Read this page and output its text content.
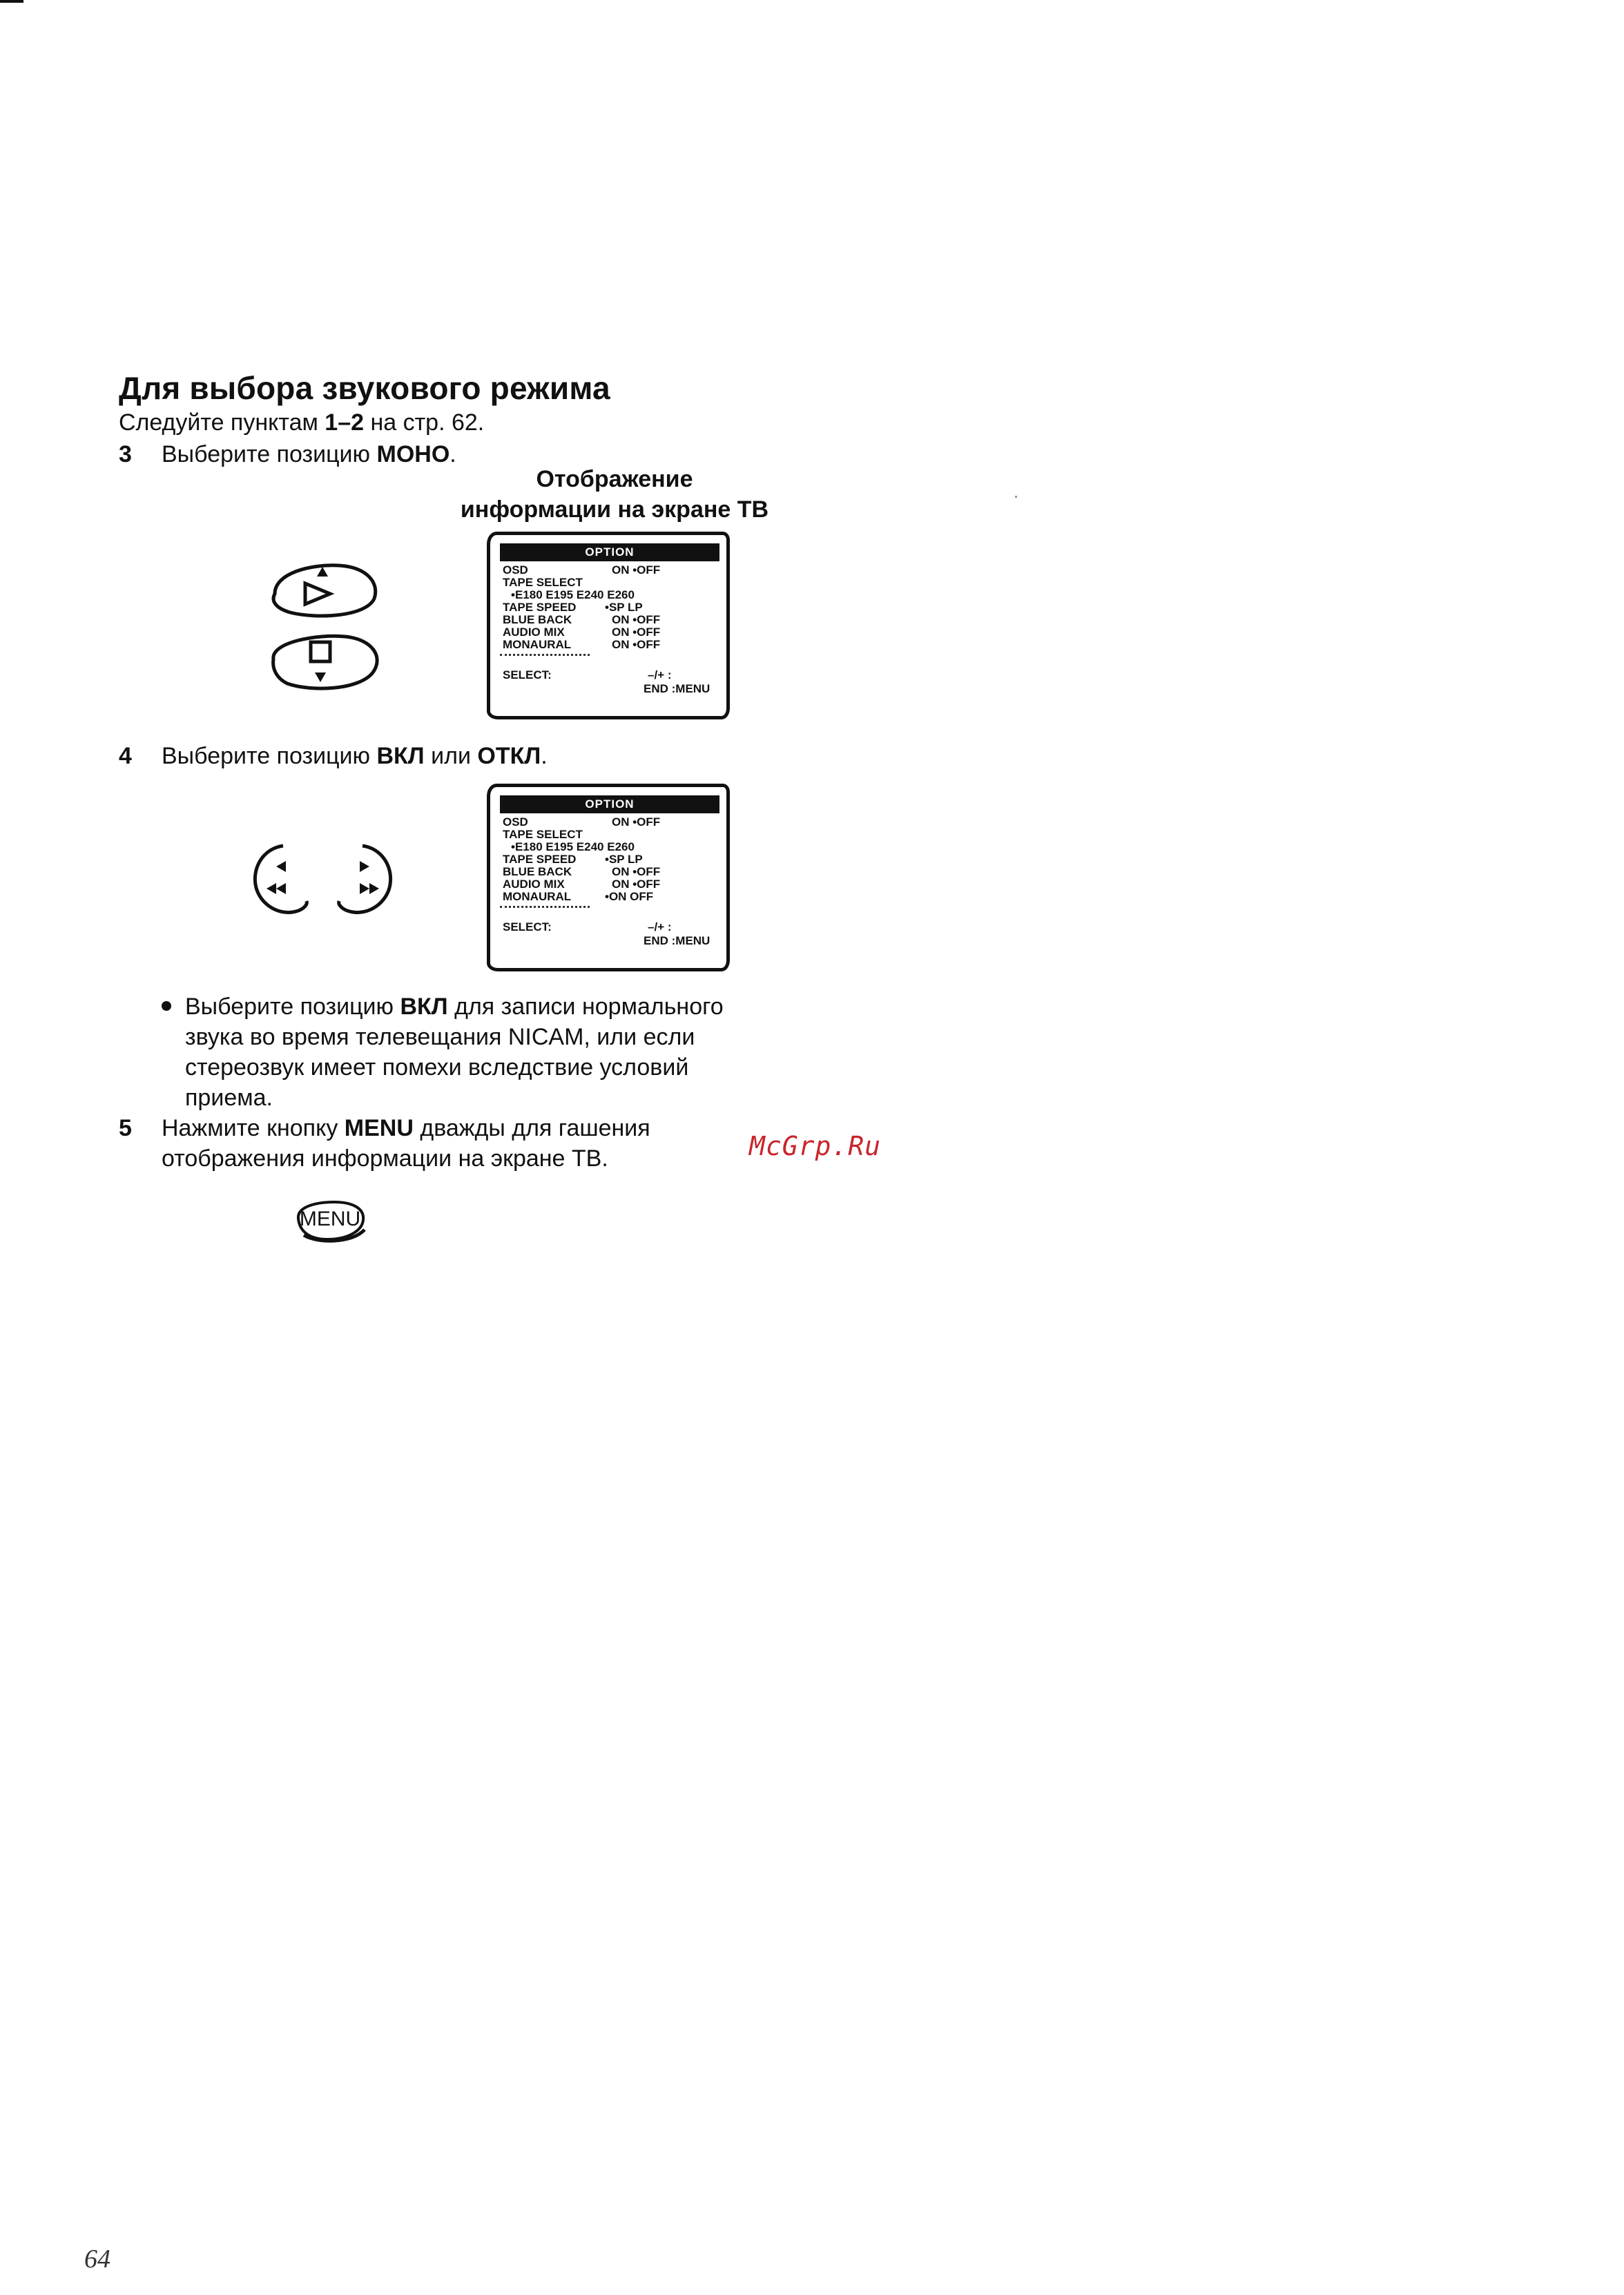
Для выбора звукового режима
Следуйте пунктам 1–2 на стр. 62.
3 Выберите позицию МОНО.
Отображение
информации на экране ТВ
OPTION
OSD	ON •OFF
TAPE SELECT
•E180 E195 E240 E260
TAPE SPEED •SP LP
BLUE BACK	ON •OFF
AUDIO MIX	ON •OFF
MONAURAL	ON •OFF
SELECT:	–/+ :
END :MENU
4 Выберите позицию ВКЛ или ОТКЛ.
OPTION
OSD	ON •OFF
TAPE SELECT
•E180 E195 E240 E260
TAPE SPEED •SP LP
BLUE BACK	ON •OFF
AUDIO MIX	ON •OFF
MONAURAL	•ON OFF
SELECT:	–/+ :
END :MENU
Выберите позицию ВКЛ для записи нормального
звука во время телевещания NICAM, или если
стереозвук имеет помехи вследствие условий
приема.
5 Нажмите кнопку MENU дважды для гашения
отображения информации на экране ТВ.	McGrp.Ru
MENU
64
